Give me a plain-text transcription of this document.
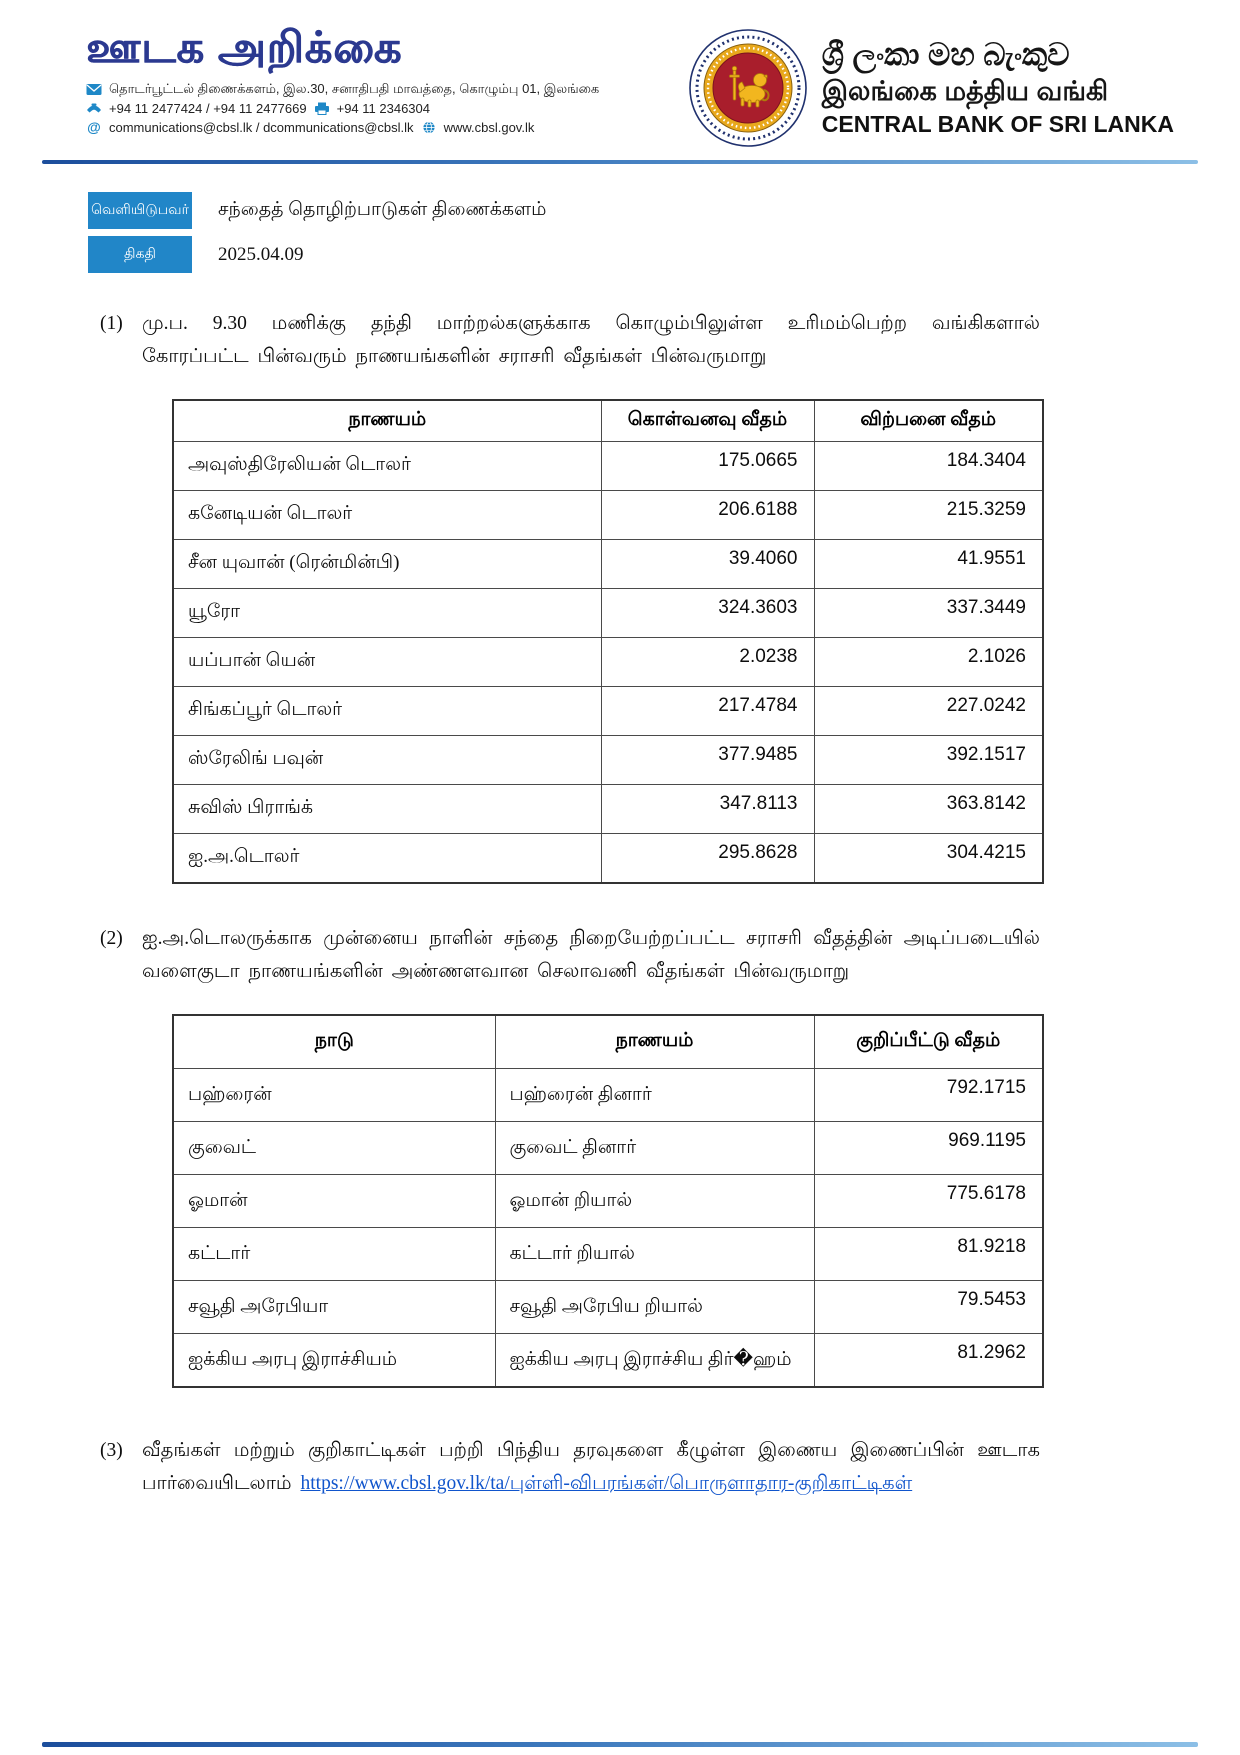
ஊடக அறிக்கை
தொடர்பூட்டல் திணைக்களம், இல.30, சனாதிபதி மாவத்தை, கொழும்பு 01, இலங்கை
+94 11 2477424 / +94 11 2477669 +94 11 2346304
@ communications@cbsl.lk / dcommunications@cbsl.lk www.cbsl.gov.lk
ශ්‍රී ලංකා මහ බැංකුව
இலங்கை மத்திய வங்கி
CENTRAL BANK OF SRI LANKA
வெளியிடுபவர் சந்தைத் தொழிற்பாடுகள் திணைக்களம்
திகதி	2025.04.09
(1) மு.ப. 9.30 மணிக்கு தந்தி மாற்றல்களுக்காக கொழும்பிலுள்ள உரிமம்பெற்ற வங்கிகளால் கோரப்பட்ட பின்வரும் நாணயங்களின் சராசரி வீதங்கள் பின்வருமாறு
நாணயம்	கொள்வனவு வீதம்	விற்பனை வீதம்
அவுஸ்திரேலியன் டொலர்	175.0665	184.3404
கனேடியன் டொலர்	206.6188	215.3259
சீன யுவான் (ரென்மின்பி)	39.4060	41.9551
யூரோ	324.3603	337.3449
யப்பான் யென்	2.0238	2.1026
சிங்கப்பூர் டொலர்	217.4784	227.0242
ஸ்ரேலிங் பவுன்	377.9485	392.1517
சுவிஸ் பிராங்க்	347.8113	363.8142
ஐ.அ.டொலர்	295.8628	304.4215
(2) ஐ.அ.டொலருக்காக முன்னைய நாளின் சந்தை நிறையேற்றப்பட்ட சராசரி வீதத்தின் அடிப்படையில் வளைகுடா நாணயங்களின் அண்ணளவான செலாவணி வீதங்கள் பின்வருமாறு
நாடு	நாணயம்	குறிப்பீட்டு வீதம்
பஹ்ரைன்	பஹ்ரைன் தினார்	792.1715
குவைட்	குவைட் தினார்	969.1195
ஓமான்	ஓமான் றியால்	775.6178
கட்டார்	கட்டார் றியால்	81.9218
சவூதி அரேபியா	சவூதி அரேபிய றியால்	79.5453
ஐக்கிய அரபு இராச்சியம்	ஐக்கிய அரபு இராச்சிய திர்�ஹம்	81.2962
(3) வீதங்கள் மற்றும் குறிகாட்டிகள் பற்றி பிந்திய தரவுகளை கீழுள்ள இணைய இணைப்பின் ஊடாக பார்வையிடலாம் https://www.cbsl.gov.lk/ta/புள்ளி-விபரங்கள்/பொருளாதார-குறிகாட்டிகள்
